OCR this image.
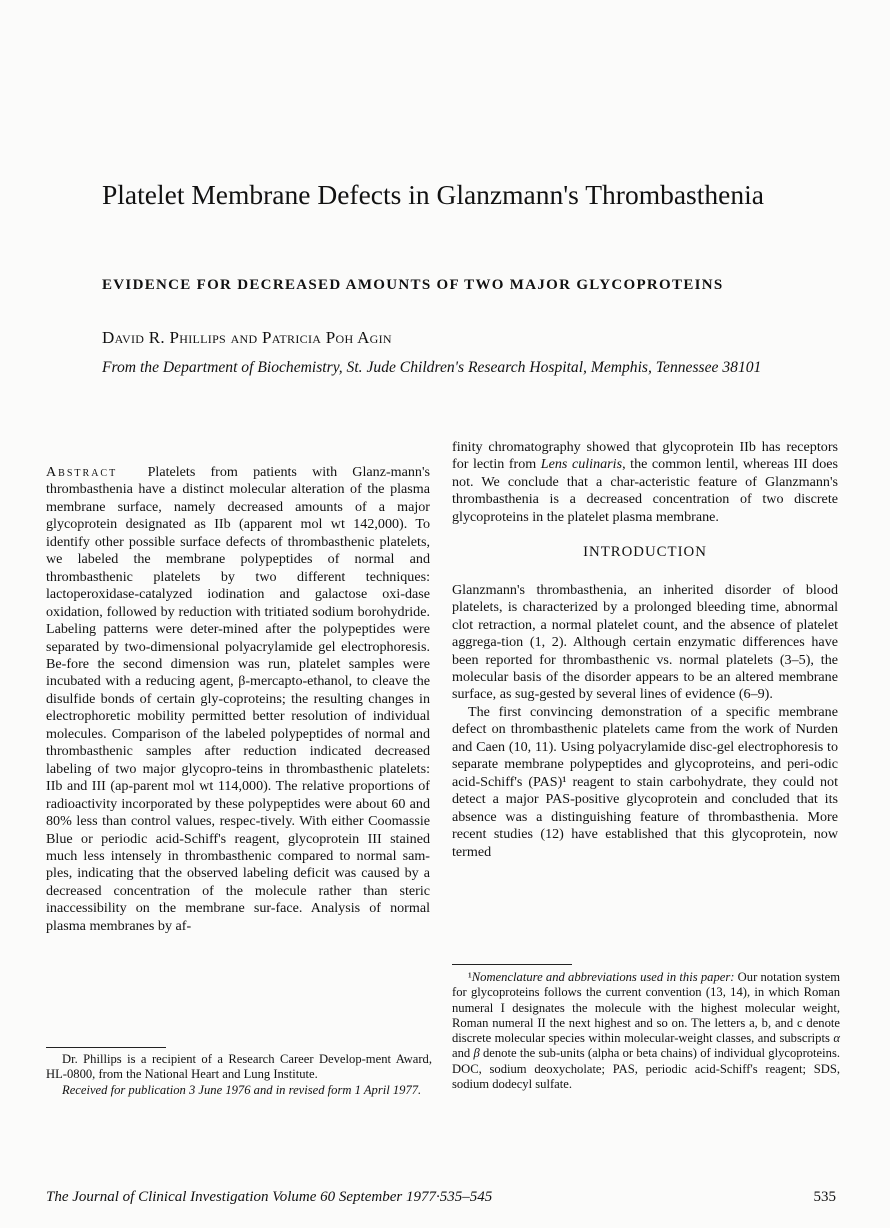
Platelet Membrane Defects in Glanzmann's Thrombasthenia
EVIDENCE FOR DECREASED AMOUNTS OF TWO MAJOR GLYCOPROTEINS
David R. Phillips and Patricia Poh Agin
From the Department of Biochemistry, St. Jude Children's Research Hospital, Memphis, Tennessee 38101

Abstract Platelets from patients with Glanz-mann's thrombasthenia have a distinct molecular alteration of the plasma membrane surface, namely decreased amounts of a major glycoprotein designated as IIb (apparent mol wt 142,000). To identify other possible surface defects of thrombasthenic platelets, we labeled the membrane polypeptides of normal and thrombasthenic platelets by two different techniques: lactoperoxidase-catalyzed iodination and galactose oxi-dase oxidation, followed by reduction with tritiated sodium borohydride. Labeling patterns were deter-mined after the polypeptides were separated by two-dimensional polyacrylamide gel electrophoresis. Be-fore the second dimension was run, platelet samples were incubated with a reducing agent, β-mercapto-ethanol, to cleave the disulfide bonds of certain gly-coproteins; the resulting changes in electrophoretic mobility permitted better resolution of individual molecules. Comparison of the labeled polypeptides of normal and thrombasthenic samples after reduction indicated decreased labeling of two major glycopro-teins in thrombasthenic platelets: IIb and III (ap-parent mol wt 114,000). The relative proportions of radioactivity incorporated by these polypeptides were about 60 and 80% less than control values, respec-tively. With either Coomassie Blue or periodic acid-Schiff's reagent, glycoprotein III stained much less intensely in thrombasthenic compared to normal sam-ples, indicating that the observed labeling deficit was caused by a decreased concentration of the molecule rather than steric inaccessibility on the membrane sur-face. Analysis of normal plasma membranes by af-

finity chromatography showed that glycoprotein IIb has receptors for lectin from Lens culinaris, the common lentil, whereas III does not. We conclude that a char-acteristic feature of Glanzmann's thrombasthenia is a decreased concentration of two discrete glycoproteins in the platelet plasma membrane.

INTRODUCTION

Glanzmann's thrombasthenia, an inherited disorder of blood platelets, is characterized by a prolonged bleeding time, abnormal clot retraction, a normal platelet count, and the absence of platelet aggrega-tion (1, 2). Although certain enzymatic differences have been reported for thrombasthenic vs. normal platelets (3–5), the molecular basis of the disorder appears to be an altered membrane surface, as sug-gested by several lines of evidence (6–9).

The first convincing demonstration of a specific membrane defect on thrombasthenic platelets came from the work of Nurden and Caen (10, 11). Using polyacrylamide disc-gel electrophoresis to separate membrane polypeptides and glycoproteins, and peri-odic acid-Schiff's (PAS)¹ reagent to stain carbohydrate, they could not detect a major PAS-positive glycoprotein and concluded that its absence was a distinguishing feature of thrombasthenia. More recent studies (12) have established that this glycoprotein, now termed

Dr. Phillips is a recipient of a Research Career Develop-ment Award, HL-0800, from the National Heart and Lung Institute.

Received for publication 3 June 1976 and in revised form 1 April 1977.

¹Nomenclature and abbreviations used in this paper: Our notation system for glycoproteins follows the current convention (13, 14), in which Roman numeral I designates the molecule with the highest molecular weight, Roman numeral II the next highest and so on. The letters a, b, and c denote discrete molecular species within molecular-weight classes, and subscripts α and β denote the sub-units (alpha or beta chains) of individual glycoproteins. DOC, sodium deoxycholate; PAS, periodic acid-Schiff's reagent; SDS, sodium dodecyl sulfate.

The Journal of Clinical Investigation Volume 60 September 1977·535–545	535
